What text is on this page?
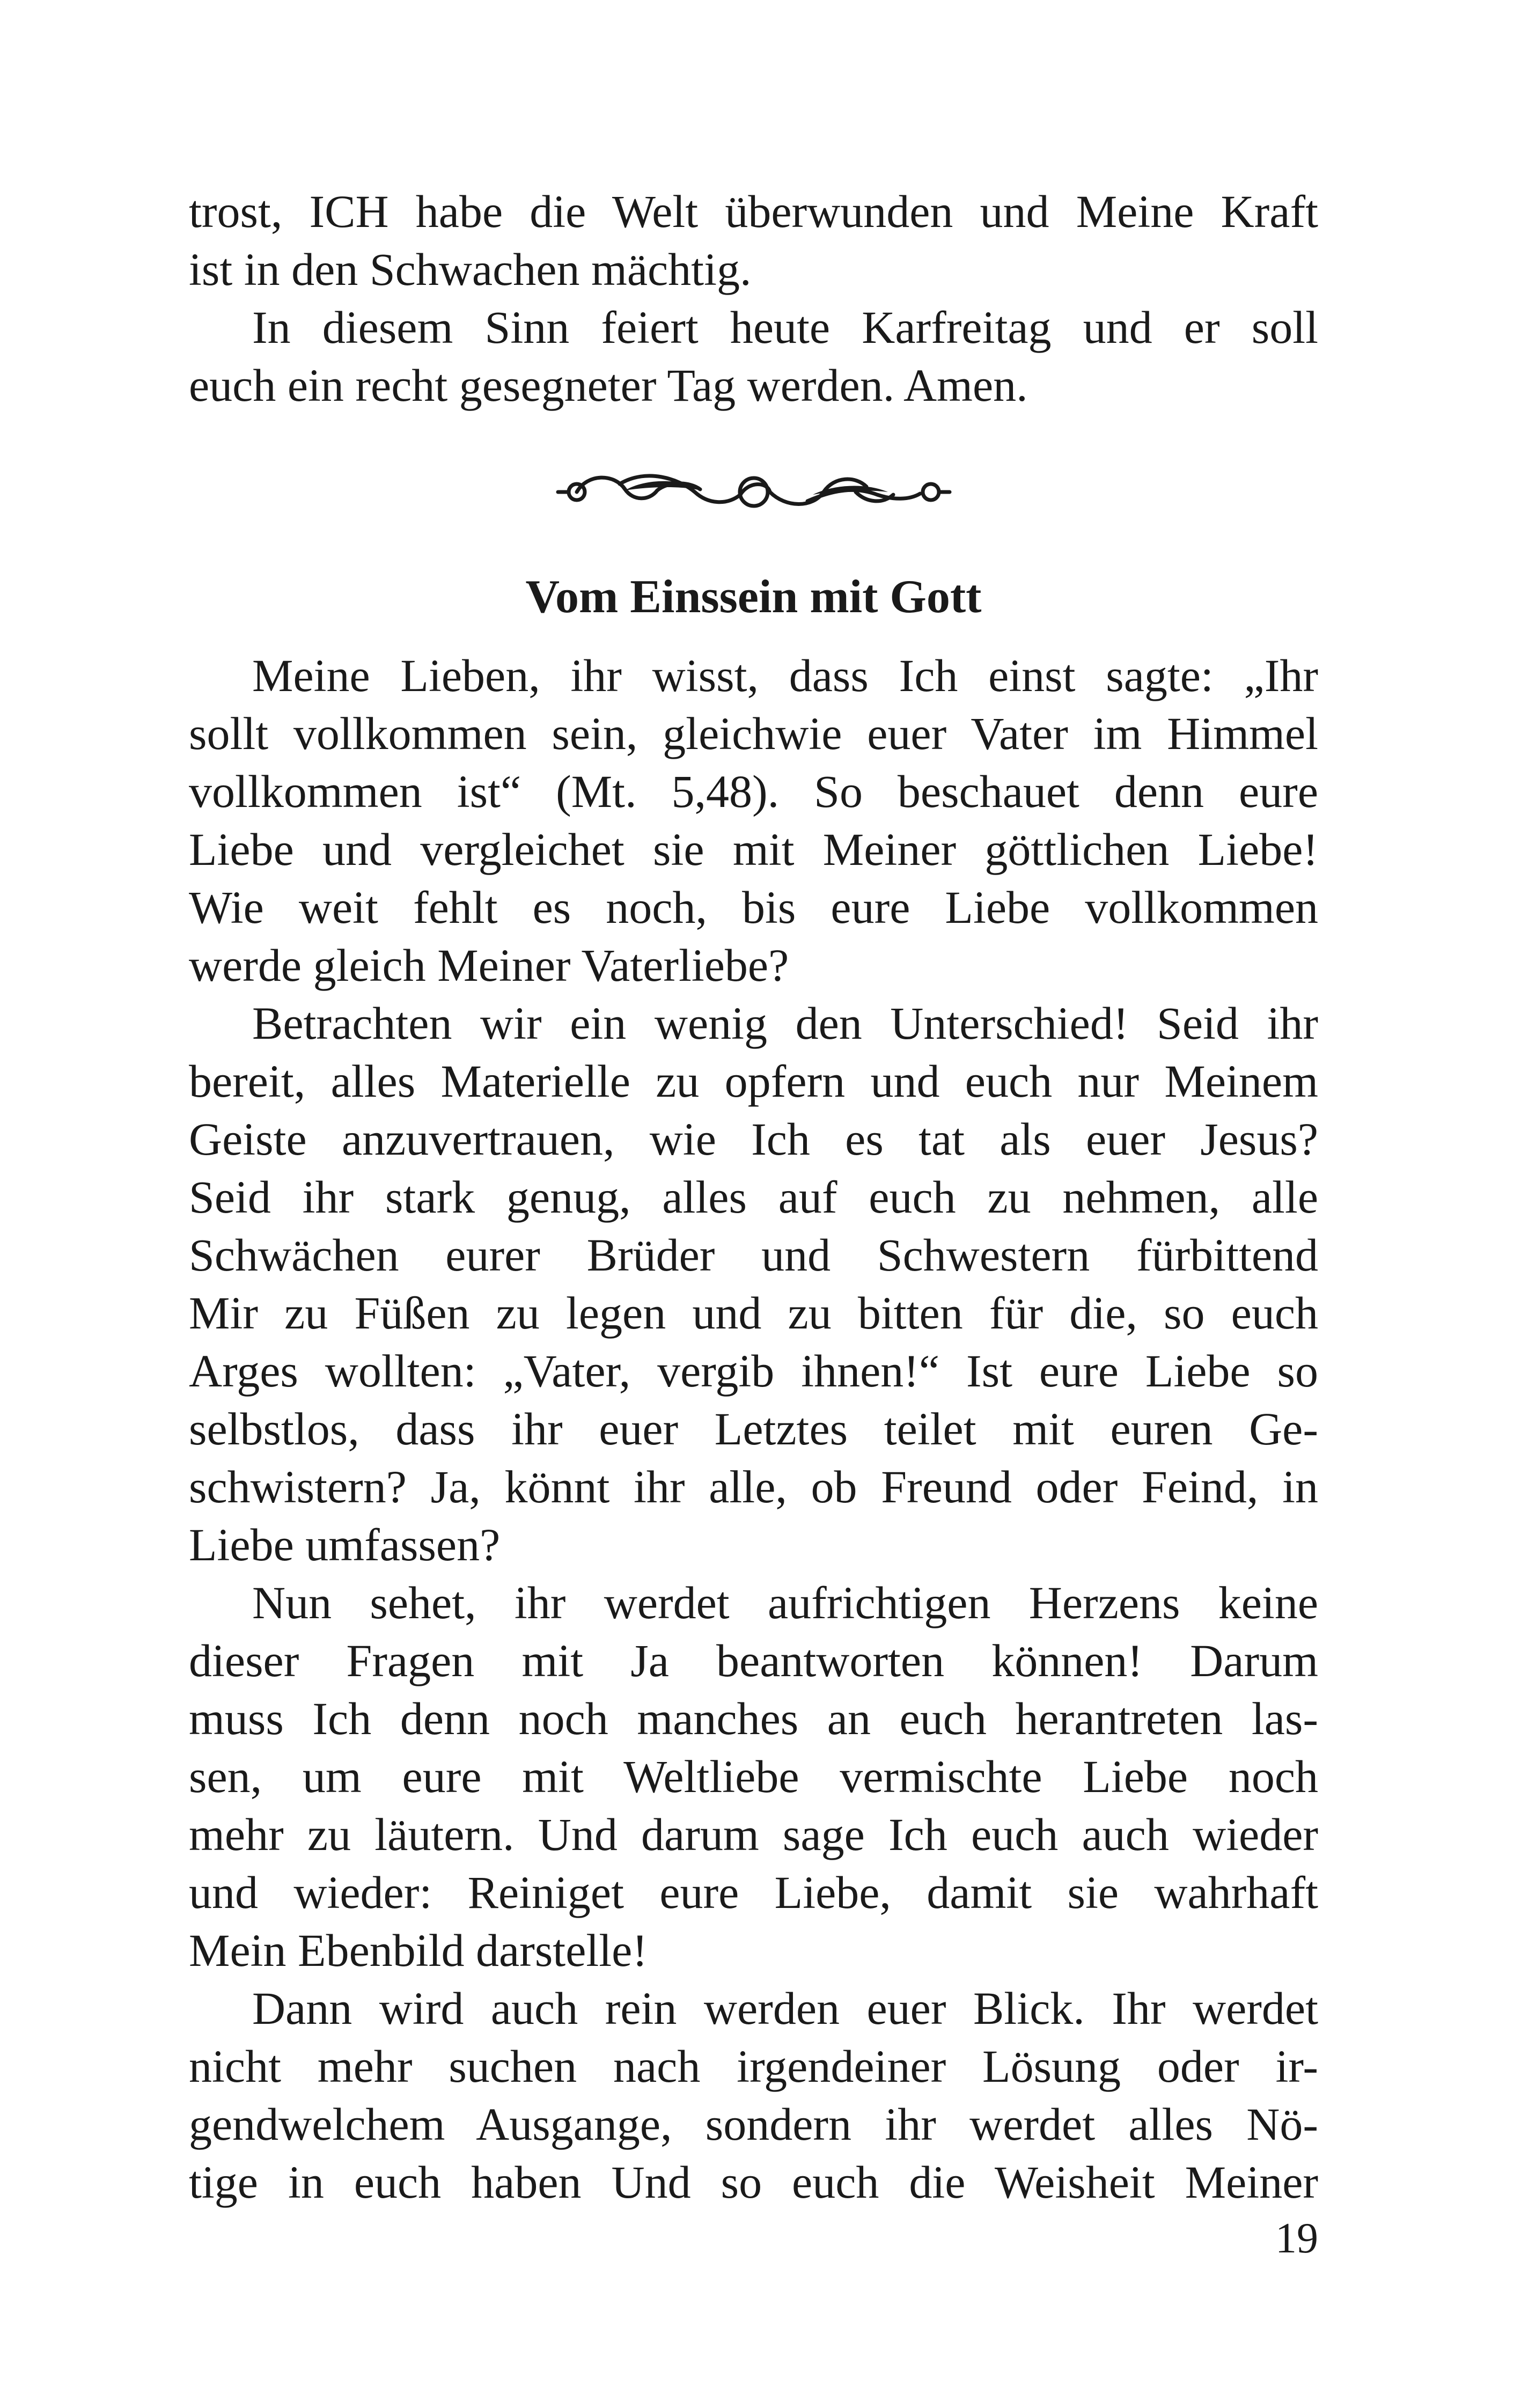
trost, ICH habe die Welt überwunden und Meine Kraft
ist in den Schwachen mächtig.
In diesem Sinn feiert heute Karfreitag und er soll
euch ein recht gesegneter Tag werden. Amen.
Vom Einssein mit Gott
Meine Lieben, ihr wisst, dass Ich einst sagte: „Ihr
sollt vollkommen sein, gleichwie euer Vater im Himmel
vollkommen ist“ (Mt. 5,48). So beschauet denn eure
Liebe und vergleichet sie mit Meiner göttlichen Liebe!
Wie weit fehlt es noch, bis eure Liebe vollkommen
werde gleich Meiner Vaterliebe?
Betrachten wir ein wenig den Unterschied! Seid ihr
bereit, alles Materielle zu opfern und euch nur Meinem
Geiste anzuvertrauen, wie Ich es tat als euer Jesus?
Seid ihr stark genug, alles auf euch zu nehmen, alle
Schwächen eurer Brüder und Schwestern fürbittend
Mir zu Füßen zu legen und zu bitten für die, so euch
Arges wollten: „Vater, vergib ihnen!“ Ist eure Liebe so
selbstlos, dass ihr euer Letztes teilet mit euren Ge-
schwistern? Ja, könnt ihr alle, ob Freund oder Feind, in
Liebe umfassen?
Nun sehet, ihr werdet aufrichtigen Herzens keine
dieser Fragen mit Ja beantworten können! Darum
muss Ich denn noch manches an euch herantreten las-
sen, um eure mit Weltliebe vermischte Liebe noch
mehr zu läutern. Und darum sage Ich euch auch wieder
und wieder: Reiniget eure Liebe, damit sie wahrhaft
Mein Ebenbild darstelle!
Dann wird auch rein werden euer Blick. Ihr werdet
nicht mehr suchen nach irgendeiner Lösung oder ir-
gendwelchem Ausgange, sondern ihr werdet alles Nö-
tige in euch haben Und so euch die Weisheit Meiner
19
